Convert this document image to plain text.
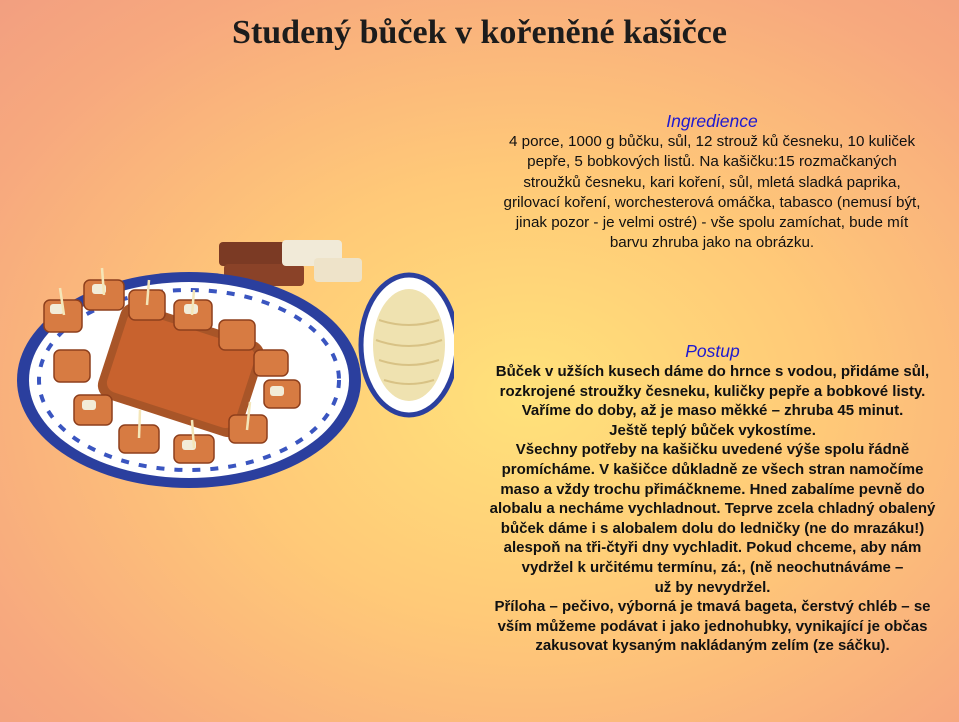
Studený bůček v kořeněné kašičce
Ingredience
4 porce, 1000 g bůčku, sůl, 12 strouž ků česneku, 10 kuliček
pepře, 5 bobkových listů. Na kašičku:15 rozmačkaných
stroužků česneku, kari koření, sůl, mletá sladká paprika,
grilovací koření, worchesterová omáčka, tabasco (nemusí být,
jinak pozor - je velmi ostré) - vše spolu zamíchat, bude mít
barvu zhruba jako na obrázku.
Postup
Bůček v užších kusech dáme do hrnce s vodou, přidáme sůl,
rozkrojené stroužky česneku, kuličky pepře a bobkové listy.
Vaříme do doby, až je maso měkké – zhruba 45 minut.
Ještě teplý bůček vykostíme.
Všechny potřeby na kašičku uvedené výše spolu řádně
promícháme. V kašičce důkladně ze všech stran namočíme
maso a vždy trochu přimáčkneme. Hned zabalíme pevně do
alobalu a necháme vychladnout. Teprve zcela chladný obalený
bůček dáme i s alobalem dolu do ledničky (ne do mrazáku!)
alespoň na tři-čtyři dny vychladit. Pokud chceme, aby nám
vydržel k určitému termínu, zá:, (ně neochutnáváme –
už by nevydržel.
Příloha – pečivo, výborná je tmavá bageta, čerstvý chléb – se
vším můžeme podávat i jako jednohubky, vynikající je občas
zakusovat kysaným nakládaným zelím (ze sáčku).
